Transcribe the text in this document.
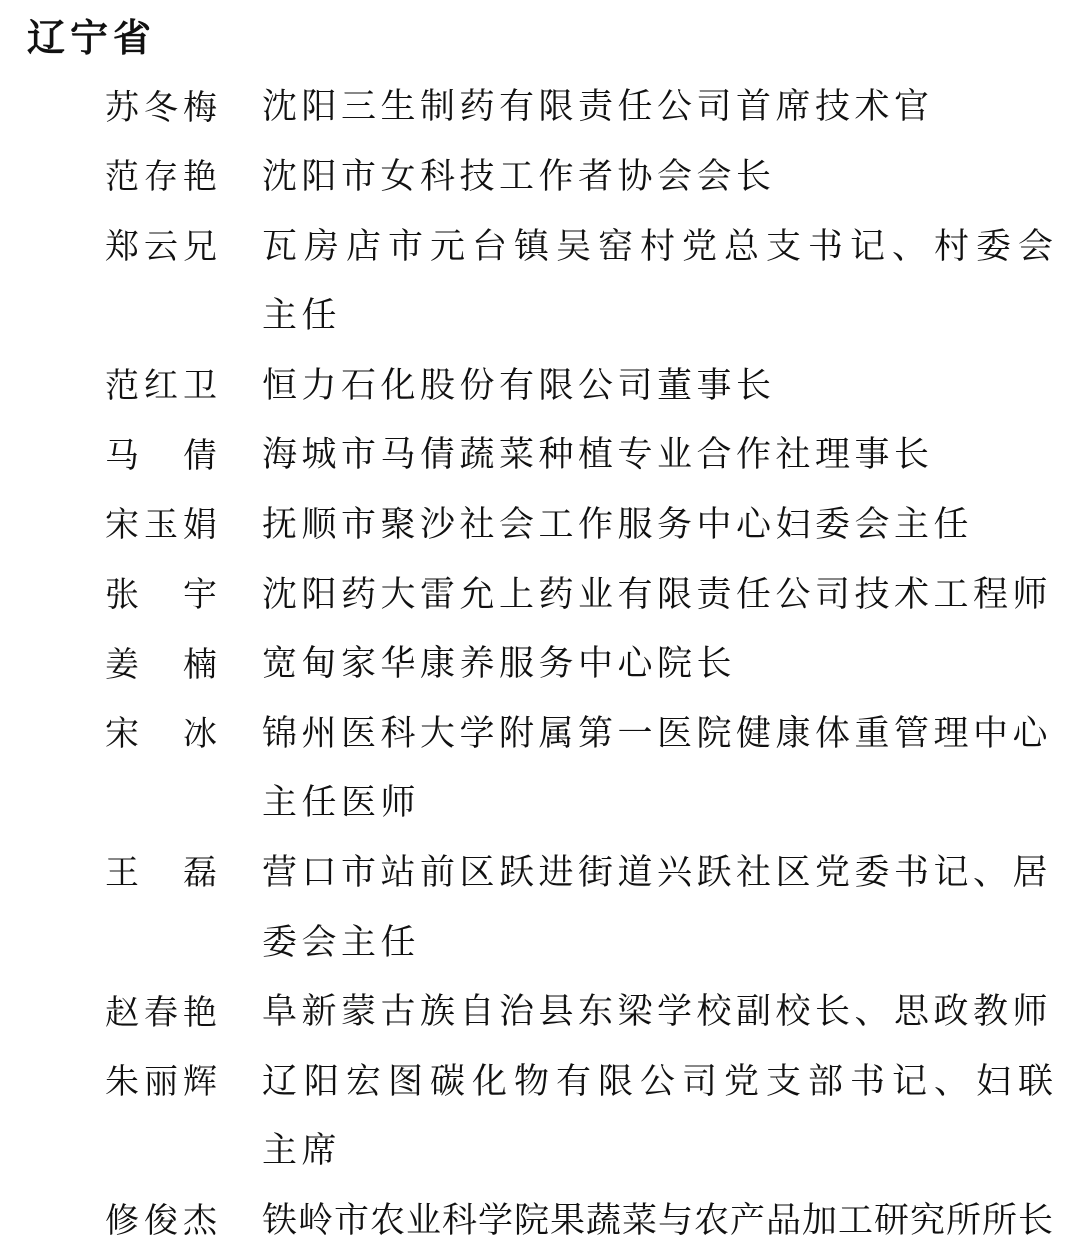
辽宁省
苏 冬 梅 沈阳三生制药有限责任公司首席技术官
范 存 艳 沈阳市女科技工作者协会会长
郑 云 兄 瓦房店市元台镇吴窑村党总支书记、村委会
主任
范 红 卫 恒力石化股份有限公司董事长
马 倩 海城市马倩蔬菜种植专业合作社理事长
宋 玉 娟 抚顺市聚沙社会工作服务中心妇委会主任
张 宇 沈阳药大雷允上药业有限责任公司技术工程师
姜 楠 宽甸家华康养服务中心院长
宋 冰 锦州医科大学附属第一医院健康体重管理中心
主任医师
王 磊 营口市站前区跃进街道兴跃社区党委书记、居
委会主任
赵 春 艳 阜新蒙古族自治县东梁学校副校长、思政教师
朱 丽 辉 辽阳宏图碳化物有限公司党支部书记、妇联
主席
修 俊 杰 铁岭市农业科学院果蔬菜与农产品加工研究所所长
